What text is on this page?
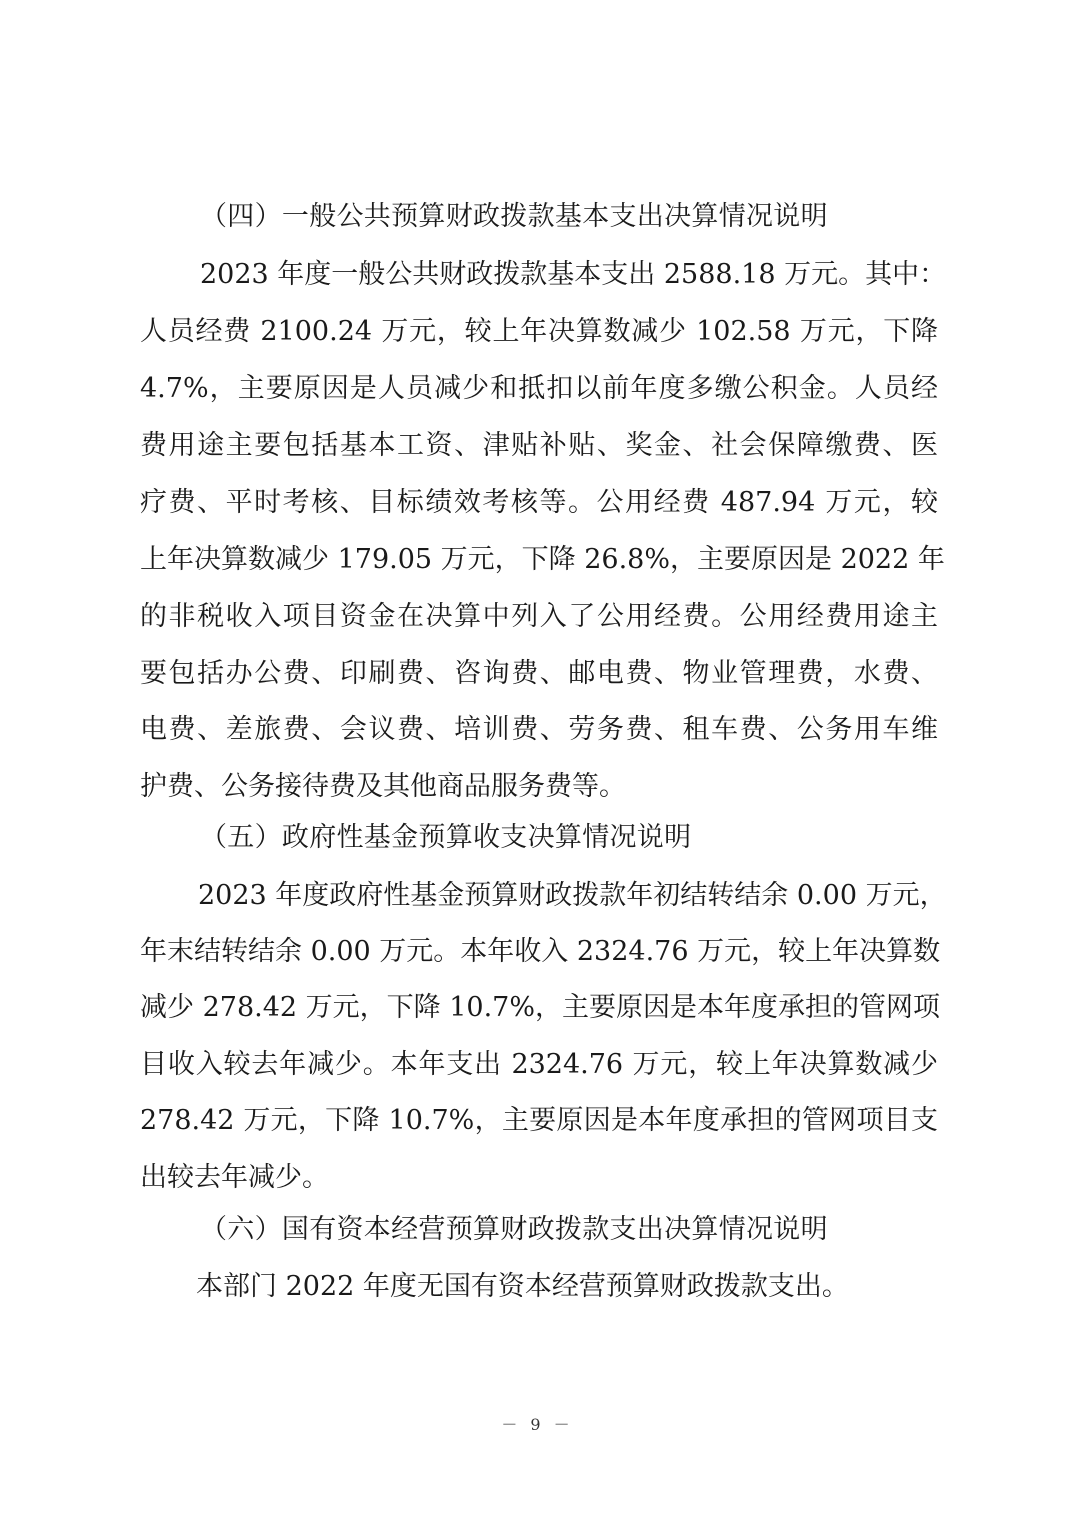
（四）一般公共预算财政拨款基本支出决算情况说明
2023 年度一般公共财政拨款基本支出 2588.18 万元。其中：
人员经费 2100.24 万元，较上年决算数减少 102.58 万元，下降
4.7%，主要原因是人员减少和抵扣以前年度多缴公积金。人员经
费用途主要包括基本工资、津贴补贴、奖金、社会保障缴费、医
疗费、平时考核、目标绩效考核等。公用经费 487.94 万元，较
上年决算数减少 179.05 万元，下降 26.8%，主要原因是 2022 年
的非税收入项目资金在决算中列入了公用经费。公用经费用途主
要包括办公费、印刷费、咨询费、邮电费、物业管理费，水费、
电费、差旅费、会议费、培训费、劳务费、租车费、公务用车维
护费、公务接待费及其他商品服务费等。
（五）政府性基金预算收支决算情况说明
2023 年度政府性基金预算财政拨款年初结转结余 0.00 万元，
年末结转结余 0.00 万元。本年收入 2324.76 万元，较上年决算数
减少 278.42 万元，下降 10.7%，主要原因是本年度承担的管网项
目收入较去年减少。本年支出 2324.76 万元，较上年决算数减少
278.42 万元，下降 10.7%，主要原因是本年度承担的管网项目支
出较去年减少。
（六）国有资本经营预算财政拨款支出决算情况说明
本部门 2022 年度无国有资本经营预算财政拨款支出。
－ 9 －
